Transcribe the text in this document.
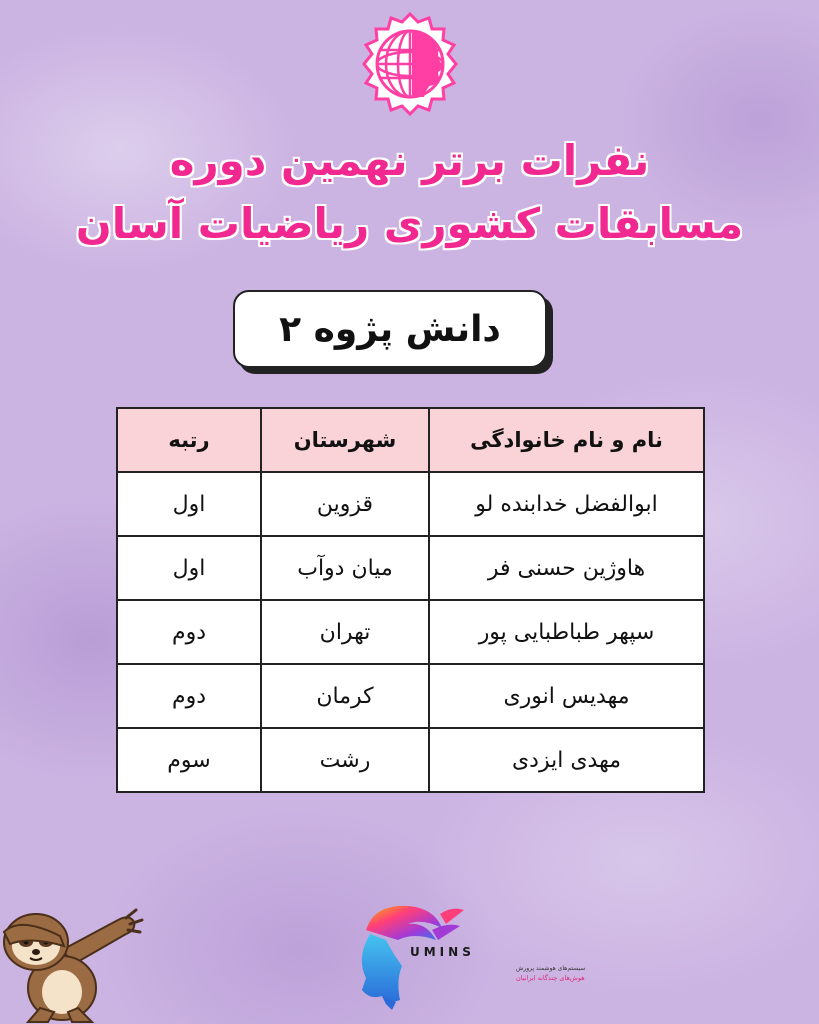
نفرات برتر نهمین دوره
مسابقات کشوری ریاضیات آسان
دانش پژوه ۲
نام و نام خانوادگی	شهرستان	رتبه
ابوالفضل خدابنده لو	قزوین	اول
هاوژین حسنی فر	میان دوآب	اول
سپهر طباطبایی پور	تهران	دوم
مهدیس انوری	کرمان	دوم
مهدی ایزدی	رشت	سوم
UMINS
سیستم‌های هوشمند پرورش
هوش‌های چندگانه ایرانیان
